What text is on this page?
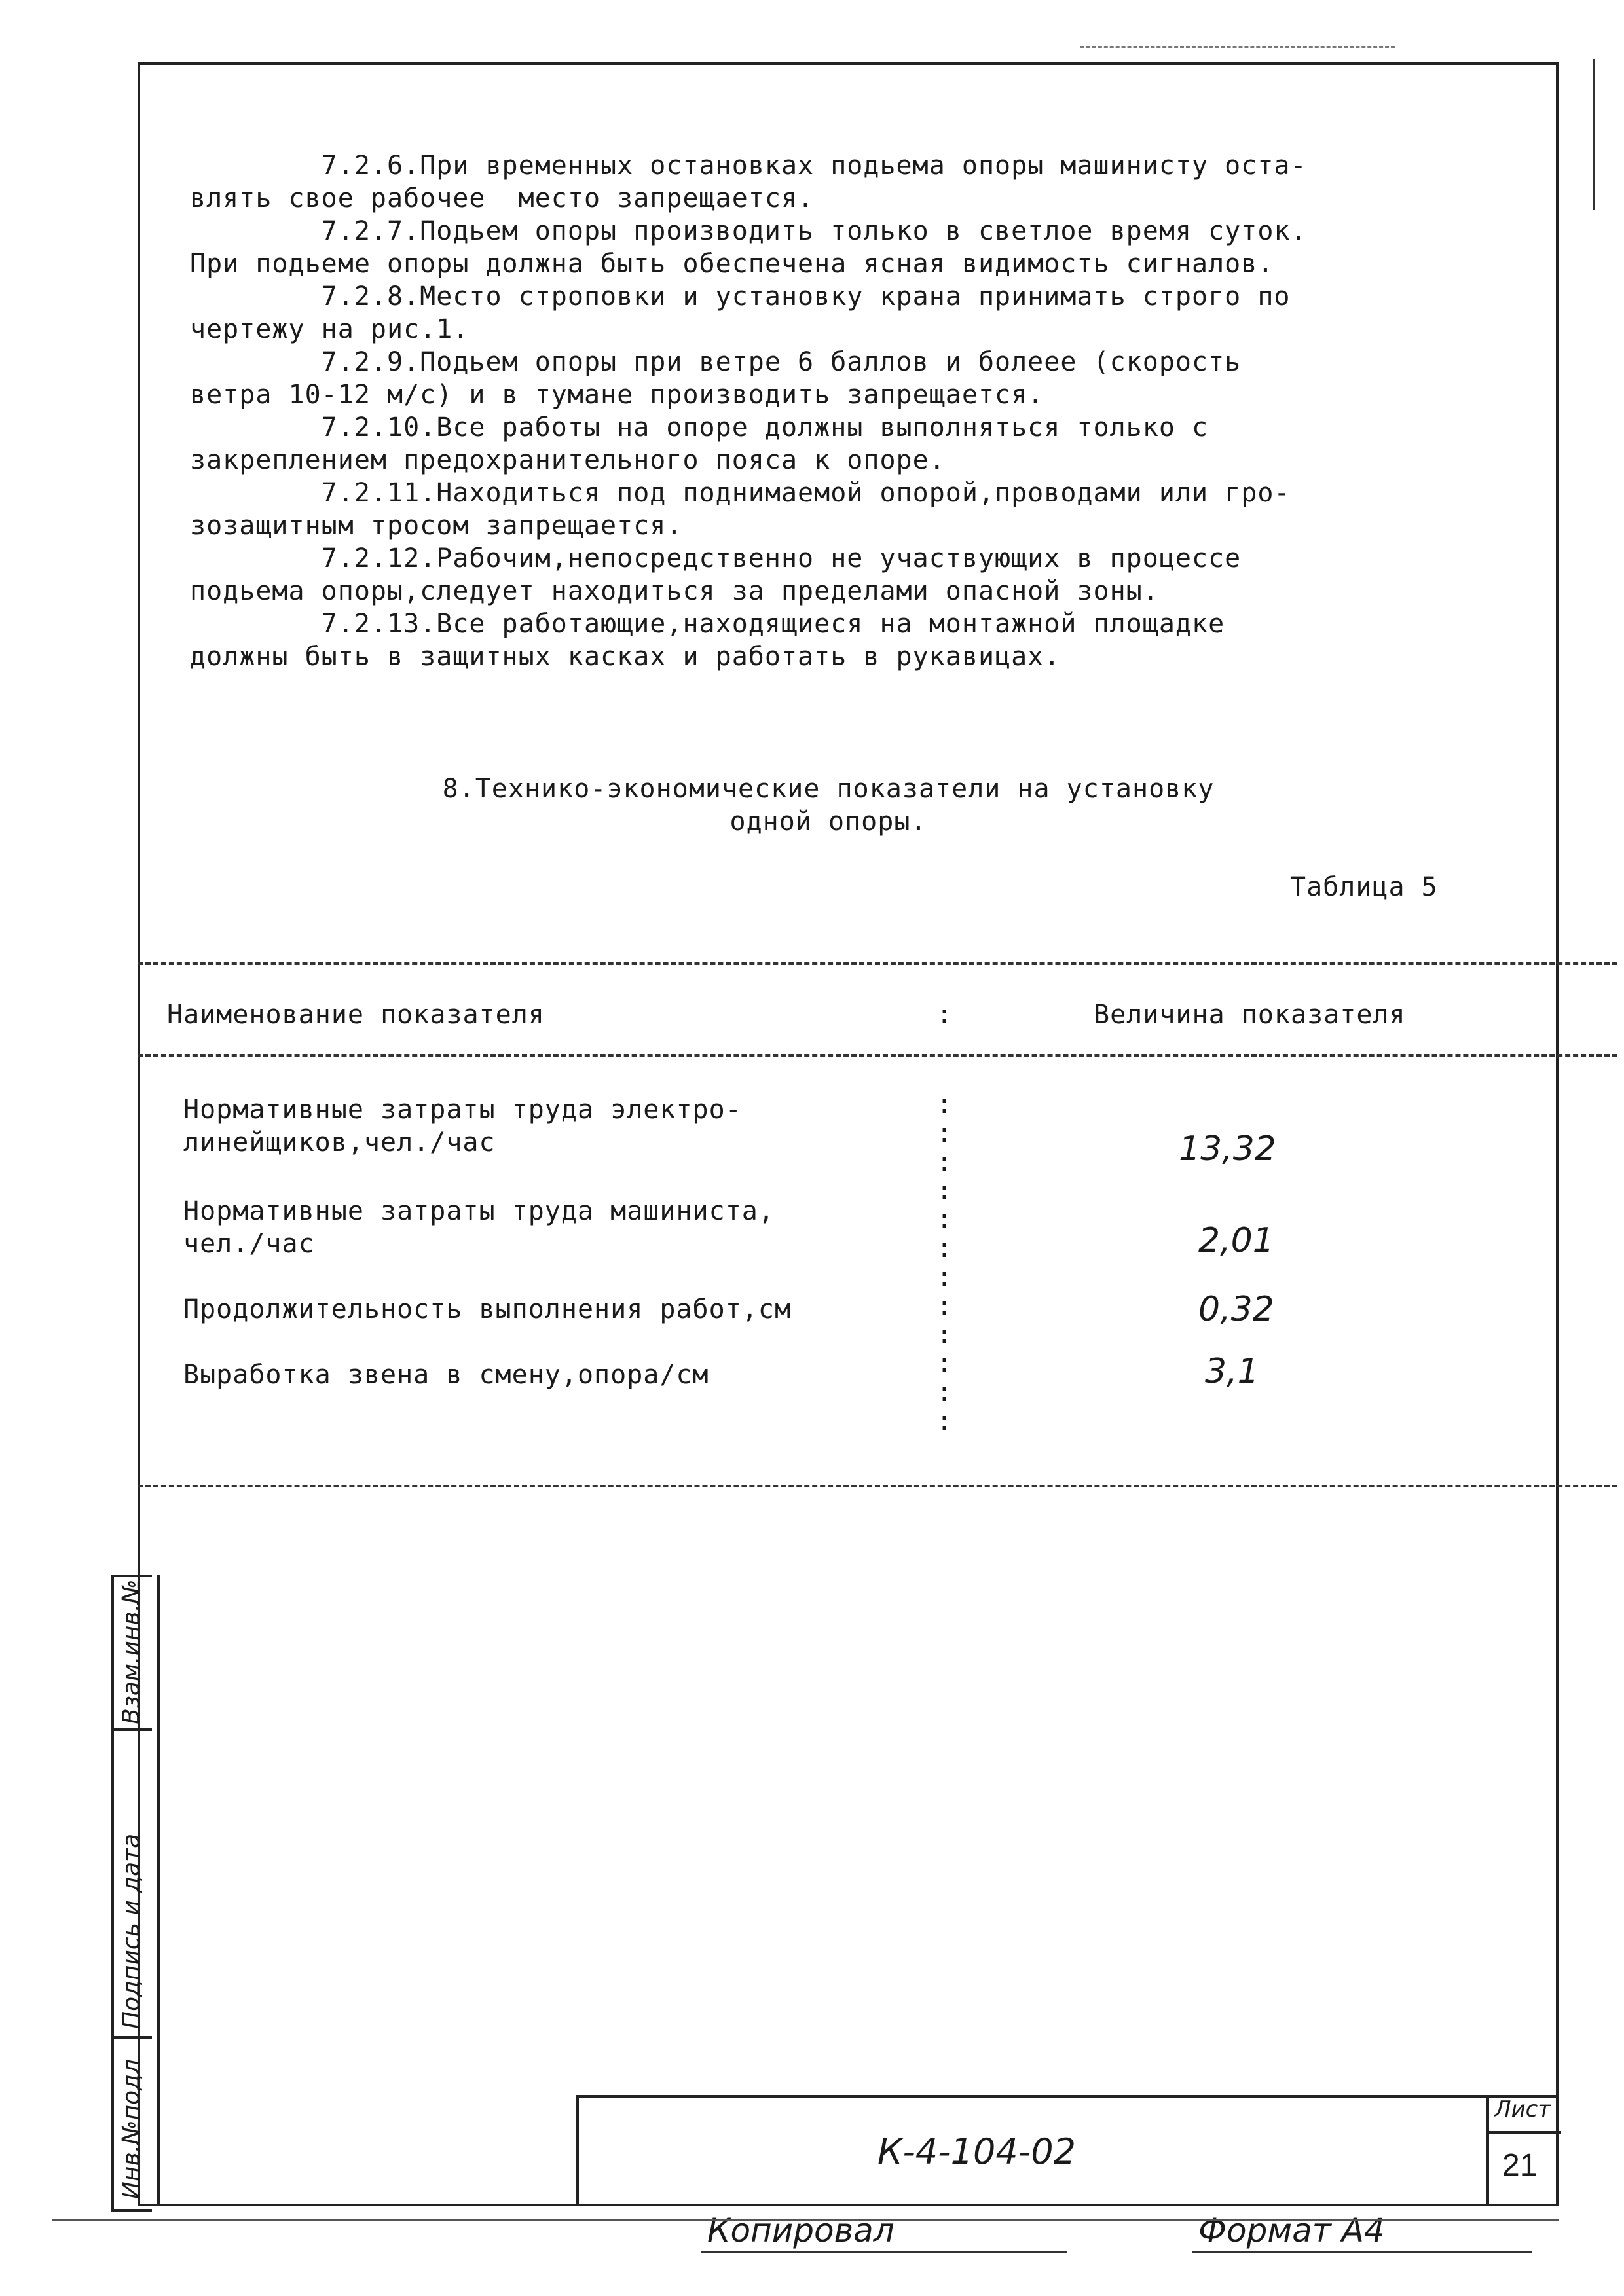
7.2.6.При временных остановках подьема опоры машинисту оста-
влять свое рабочее  место запрещается.
7.2.7.Подьем опоры производить только в светлое время суток.
При подьеме опоры должна быть обеспечена ясная видимость сигналов.
7.2.8.Место строповки и установку крана принимать строго по
чертежу на рис.1.
7.2.9.Подьем опоры при ветре 6 баллов и болеее (скорость
ветра 10-12 м/с) и в тумане производить запрещается.
7.2.10.Все работы на опоре должны выполняться только с
закреплением предохранительного пояса к опоре.
7.2.11.Находиться под поднимаемой опорой,проводами или гро-
зозащитным тросом запрещается.
7.2.12.Рабочим,непосредственно не участвующих в процессе
подьема опоры,следует находиться за пределами опасной зоны.
7.2.13.Все работающие,находящиеся на монтажной площадке
должны быть в защитных касках и работать в рукавицах.
8.Технико-экономические показатели на установку
одной опоры.
Таблица 5
Наименование показателя	:	Величина показателя
:
:
:
:
:
:
:
:
:
:
:
:
Нормативные затраты труда электро-
линейщиков,чел./час	13,32
Нормативные затраты труда машиниста,
чел./час	2,01
Продолжительность выполнения работ,см	0,32
Выработка звена в смену,опора/см	3,1
Взам.инв.№
Подпись и дата
Инв.№подл	К-4-104-02
Лист
21
Копировал	Формат А4
